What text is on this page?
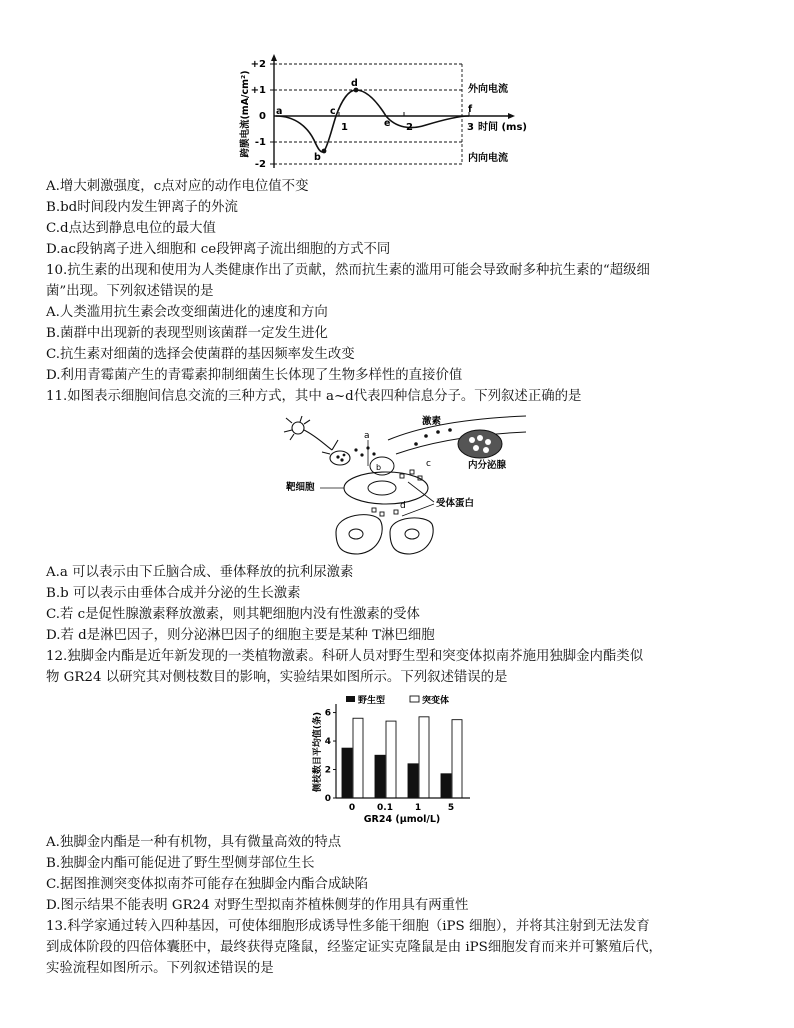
+2
+1
0
-1
-2
1	2	3 时间 (ms)
a
b
c
d
e
f
外向电流
内向电流
跨膜电流(mA/cm²)
A.增大刺激强度，c点对应的动作电位值不变
B.bd时间段内发生钾离子的外流
C.d点达到静息电位的最大值
D.ac段钠离子进入细胞和 ce段钾离子流出细胞的方式不同
10.抗生素的出现和使用为人类健康作出了贡献，然而抗生素的滥用可能会导致耐多种抗生素的“超级细
菌”出现。下列叙述错误的是
A.人类滥用抗生素会改变细菌进化的速度和方向
B.菌群中出现新的表现型则该菌群一定发生进化
C.抗生素对细菌的选择会使菌群的基因频率发生改变
D.利用青霉菌产生的青霉素抑制细菌生长体现了生物多样性的直接价值
11.如图表示细胞间信息交流的三种方式，其中 a~d代表四种信息分子。下列叙述正确的是
a
b
激素
内分泌腺
c
靶细胞
受体蛋白
d
A.a 可以表示由下丘脑合成、垂体释放的抗利尿激素
B.b 可以表示由垂体合成并分泌的生长激素
C.若 c是促性腺激素释放激素，则其靶细胞内没有性激素的受体
D.若 d是淋巴因子，则分泌淋巴因子的细胞主要是某种 T淋巴细胞
12.独脚金内酯是近年新发现的一类植物激素。科研人员对野生型和突变体拟南芥施用独脚金内酯类似
物 GR24 以研究其对侧枝数目的影响，实验结果如图所示。下列叙述错误的是
0
2
4
6
0 0.1 1	5
野生型	突变体
GR24 (μmol/L)
侧枝数目平均值(条)
A.独脚金内酯是一种有机物，具有微量高效的特点
B.独脚金内酯可能促进了野生型侧芽部位生长
C.据图推测突变体拟南芥可能存在独脚金内酯合成缺陷
D.图示结果不能表明 GR24 对野生型拟南芥植株侧芽的作用具有两重性
13.科学家通过转入四种基因，可使体细胞形成诱导性多能干细胞（iPS 细胞），并将其注射到无法发育
到成体阶段的四倍体囊胚中，最终获得克隆鼠，经鉴定证实克隆鼠是由 iPS细胞发育而来并可繁殖后代，
实验流程如图所示。下列叙述错误的是
